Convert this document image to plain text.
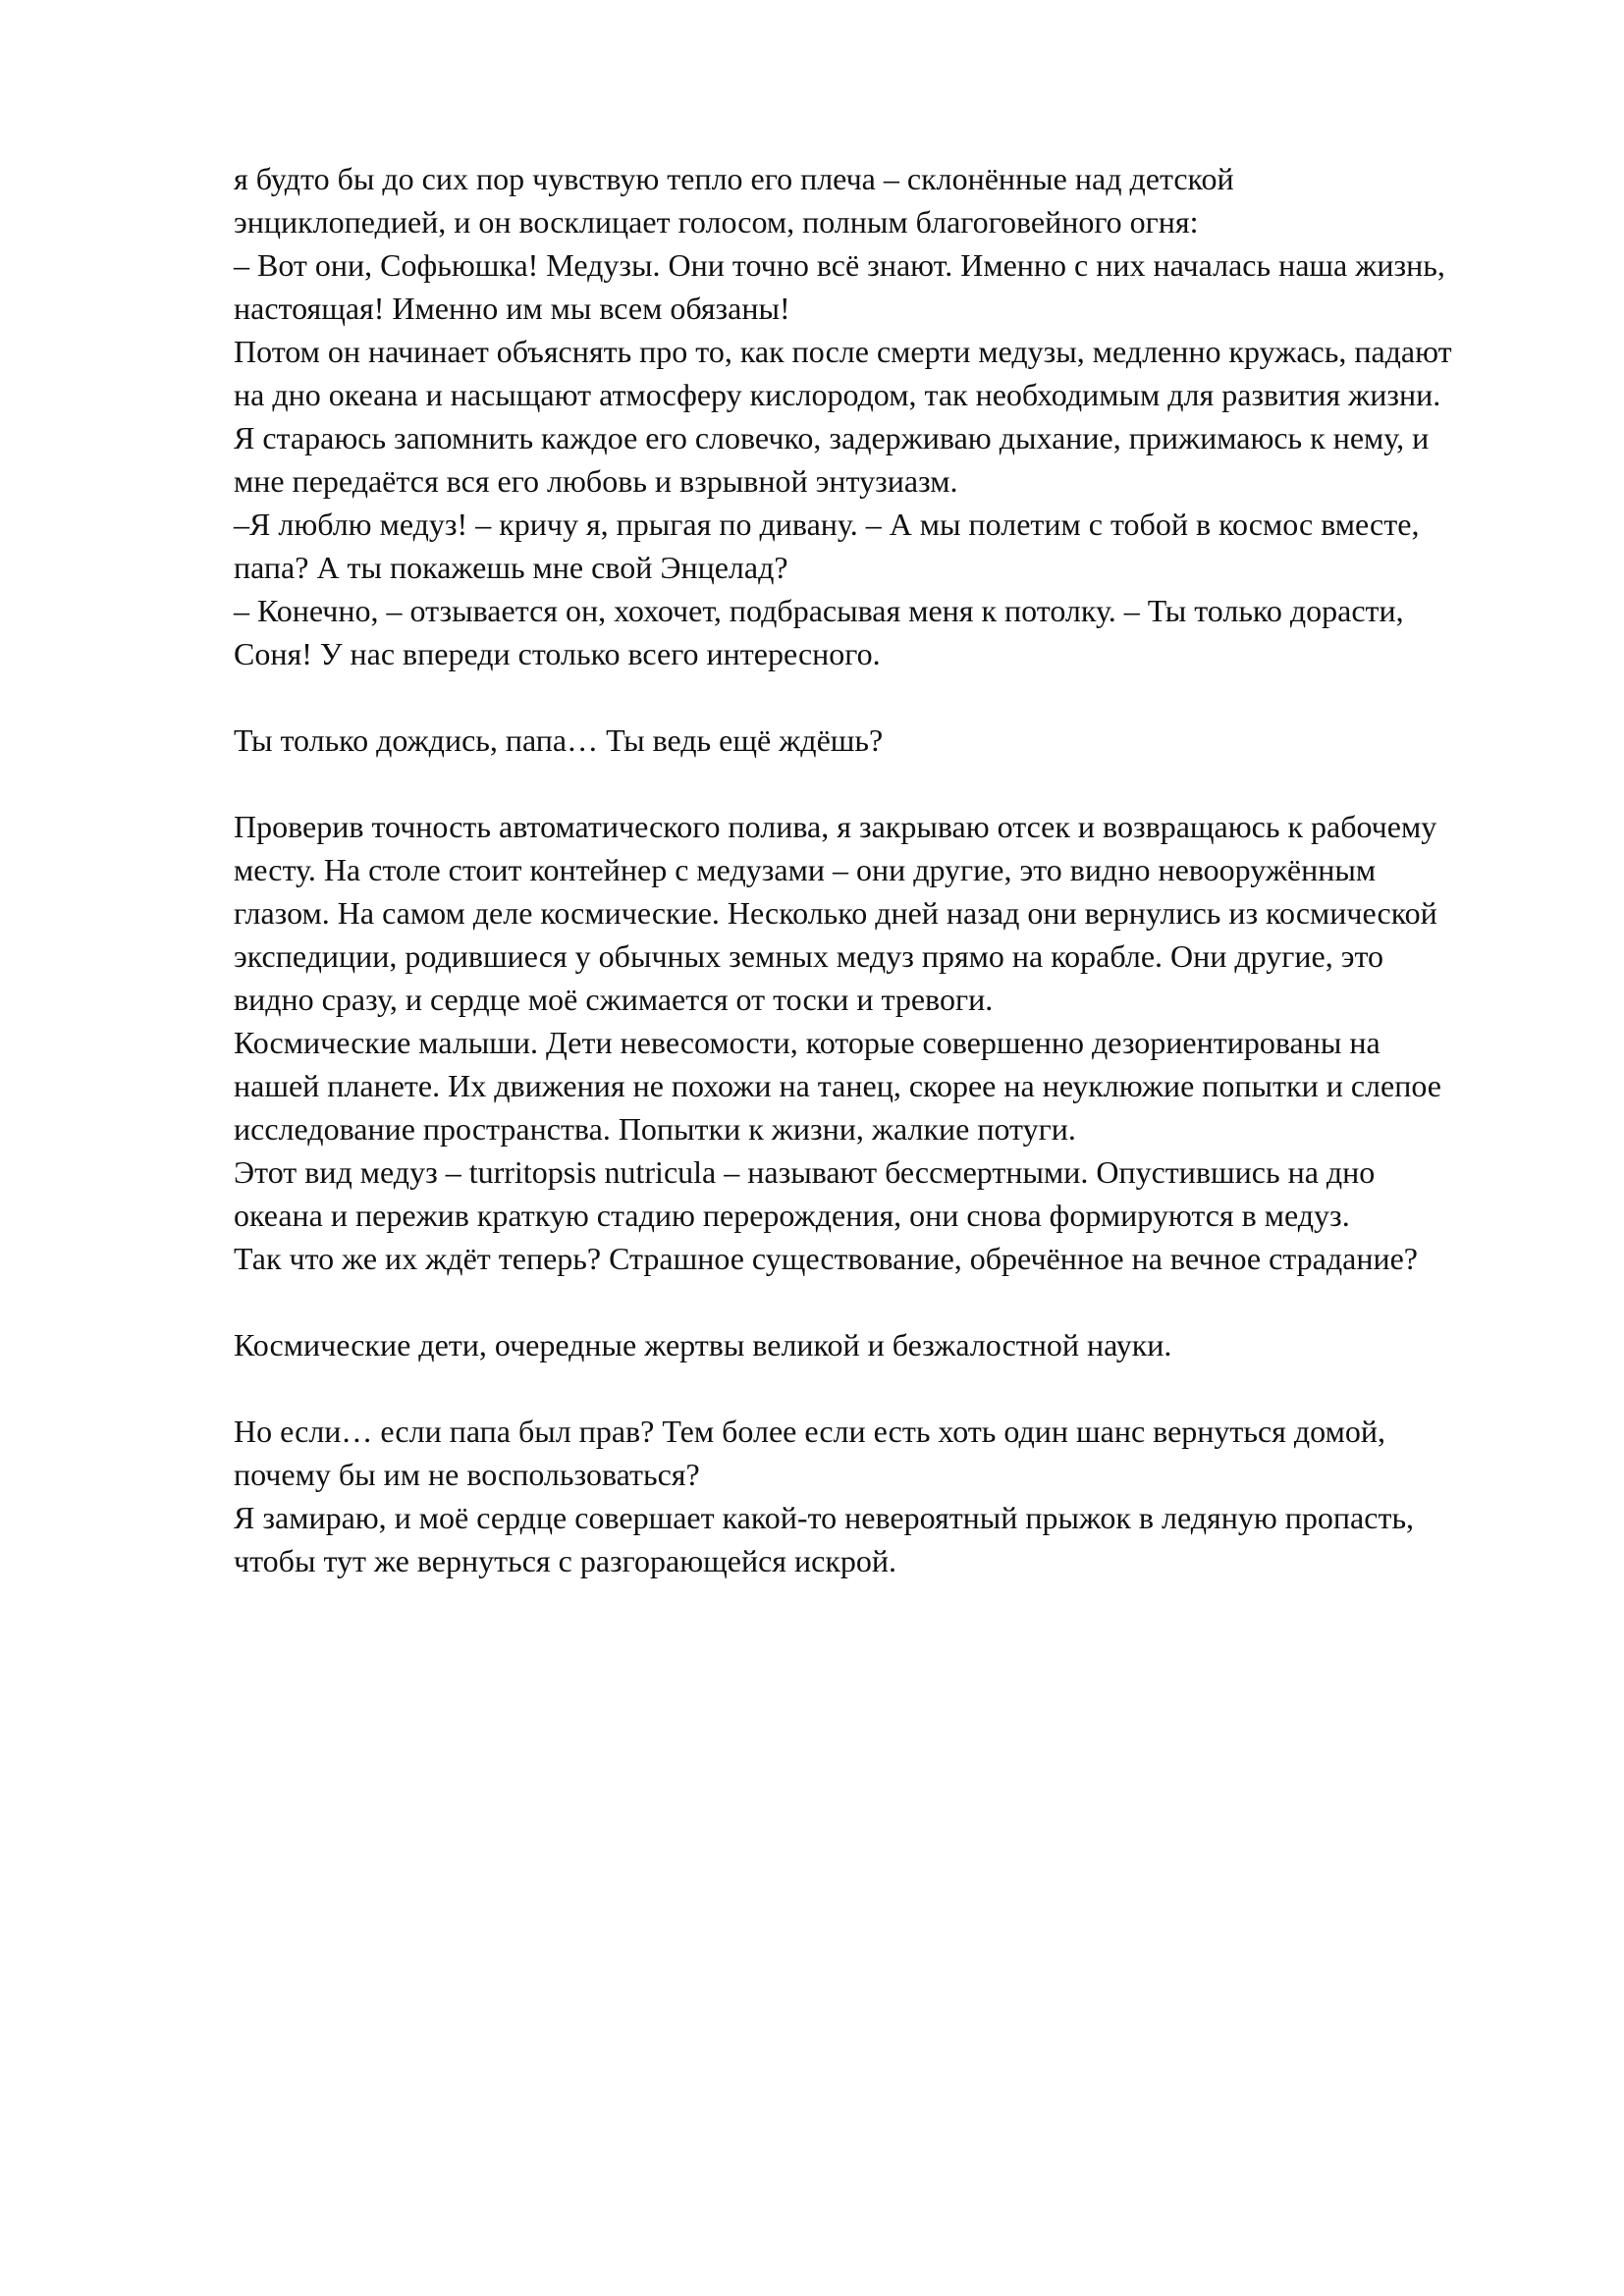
я будто бы до сих пор чувствую тепло его плеча – склонённые над детской
энциклопедией, и он восклицает голосом, полным благоговейного огня:
– Вот они, Софьюшка! Медузы. Они точно всё знают. Именно с них началась наша жизнь,
настоящая! Именно им мы всем обязаны!
Потом он начинает объяснять про то, как после смерти медузы, медленно кружась, падают
на дно океана и насыщают атмосферу кислородом, так необходимым для развития жизни.
Я стараюсь запомнить каждое его словечко, задерживаю дыхание, прижимаюсь к нему, и
мне передаётся вся его любовь и взрывной энтузиазм.
–Я люблю медуз! – кричу я, прыгая по дивану. – А мы полетим с тобой в космос вместе,
папа? А ты покажешь мне свой Энцелад?
– Конечно, – отзывается он, хохочет, подбрасывая меня к потолку. – Ты только дорасти,
Соня! У нас впереди столько всего интересного.
Ты только дождись, папа… Ты ведь ещё ждёшь?
Проверив точность автоматического полива, я закрываю отсек и возвращаюсь к рабочему
месту. На столе стоит контейнер с медузами – они другие, это видно невооружённым
глазом. На самом деле космические. Несколько дней назад они вернулись из космической
экспедиции, родившиеся у обычных земных медуз прямо на корабле. Они другие, это
видно сразу, и сердце моё сжимается от тоски и тревоги.
Космические малыши. Дети невесомости, которые совершенно дезориентированы на
нашей планете. Их движения не похожи на танец, скорее на неуклюжие попытки и слепое
исследование пространства. Попытки к жизни, жалкие потуги.
Этот вид медуз – turritopsis nutricula – называют бессмертными. Опустившись на дно
океана и пережив краткую стадию перерождения, они снова формируются в медуз.
Так что же их ждёт теперь? Страшное существование, обречённое на вечное страдание?
Космические дети, очередные жертвы великой и безжалостной науки.
Но если… если папа был прав? Тем более если есть хоть один шанс вернуться домой,
почему бы им не воспользоваться?
Я замираю, и моё сердце совершает какой-то невероятный прыжок в ледяную пропасть,
чтобы тут же вернуться с разгорающейся искрой.
